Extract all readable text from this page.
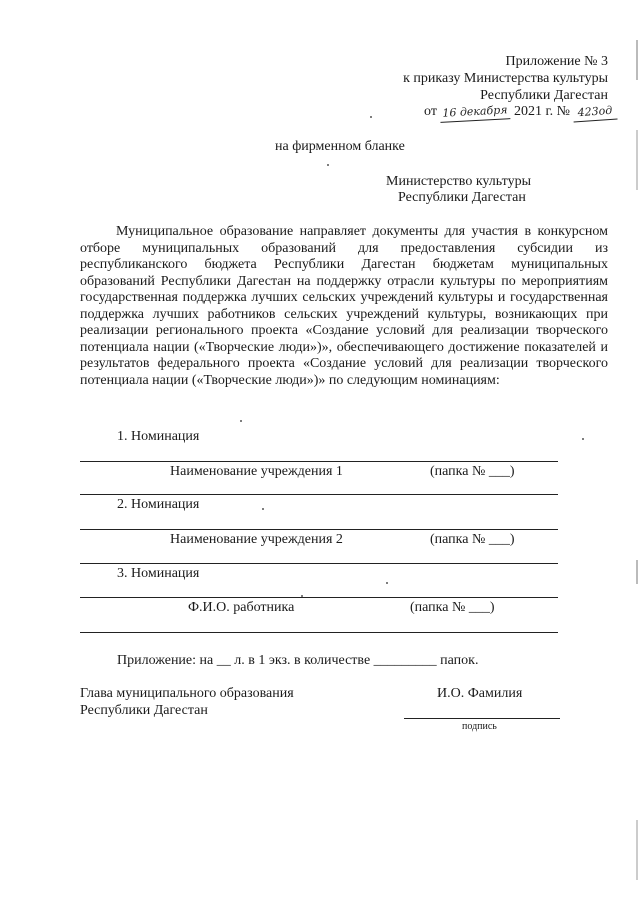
Приложение № 3
к приказу Министерства культуры
Республики Дагестан
от 16 декабря 2021 г. № 423од
на фирменном бланке
Министерство культуры
Республики Дагестан

Муниципальное образование направляет документы для участия в конкурсном отборе муниципальных образований для предоставления субсидии из республиканского бюджета Республики Дагестан бюджетам муниципальных образований Республики Дагестан на поддержку отрасли культуры по мероприятиям государственная поддержка лучших сельских учреждений культуры и государственная поддержка лучших работников сельских учреждений культуры, возникающих при реализации регионального проекта «Создание условий для реализации творческого потенциала нации («Творческие люди»)», обеспечивающего достижение показателей и результатов федерального проекта «Создание условий для реализации творческого потенциала нации («Творческие люди»)» по следующим номинациям:

1. Номинация
Наименование учреждения 1	(папка № ___)
2. Номинация
Наименование учреждения 2	(папка № ___)
3. Номинация
Ф.И.О. работника	(папка № ___)
Приложение: на __ л. в 1 экз. в количестве _________ папок.
Глава муниципального образования
Республики Дагестан
И.О. Фамилия
подпись
